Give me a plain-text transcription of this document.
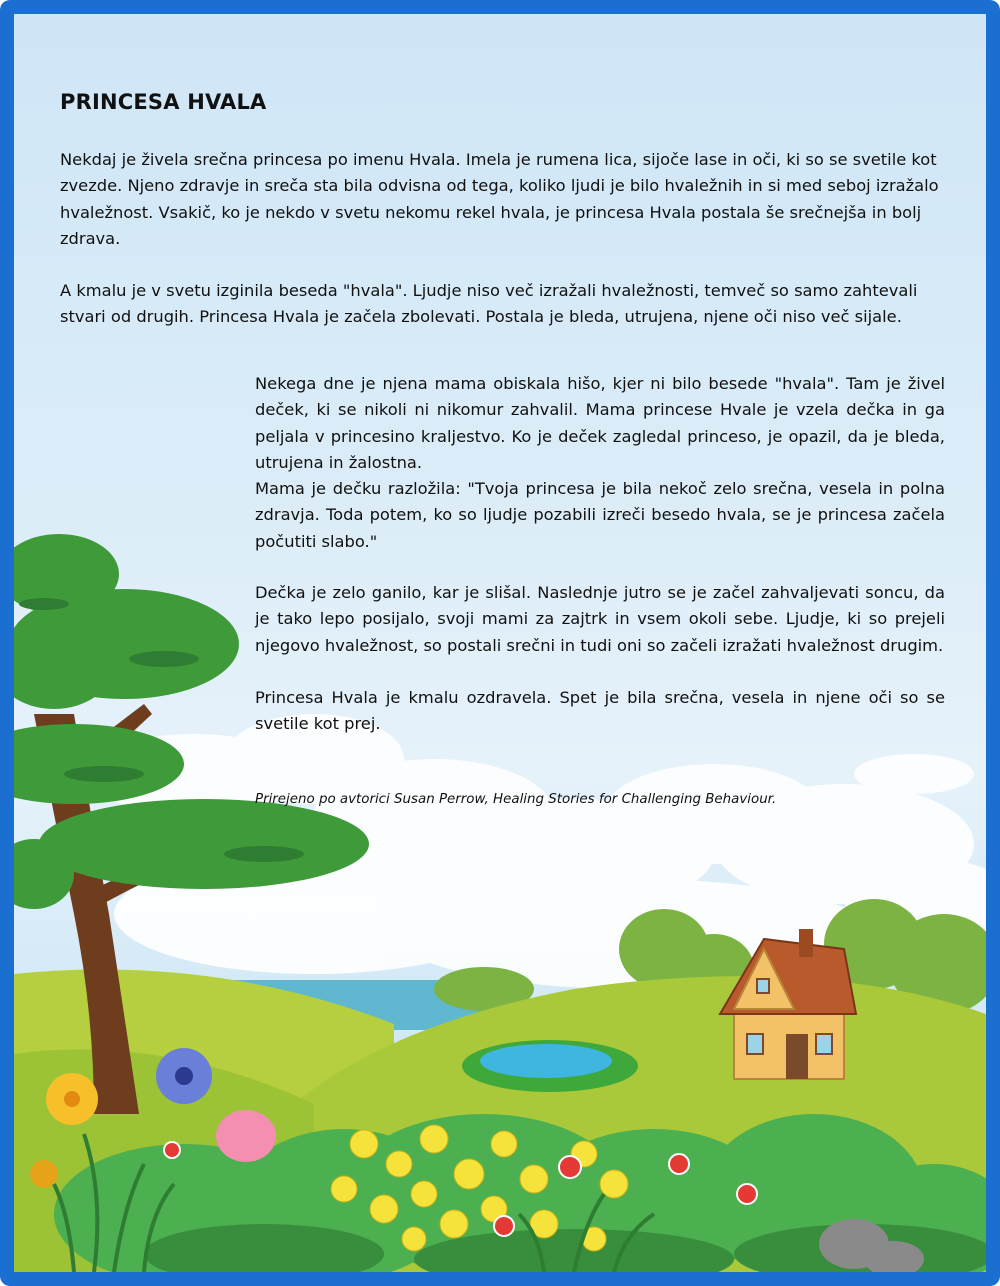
PRINCESA HVALA

Nekdaj je živela srečna princesa po imenu Hvala. Imela je rumena lica, sijoče lase in oči, ki so se svetile kot zvezde. Njeno zdravje in sreča sta bila odvisna od tega, koliko ljudi je bilo hvaležnih in si med seboj izražalo hvaležnost. Vsakič, ko je nekdo v svetu nekomu rekel hvala, je princesa Hvala postala še srečnejša in bolj zdrava.

A kmalu je v svetu izginila beseda "hvala". Ljudje niso več izražali hvaležnosti, temveč so samo zahtevali stvari od drugih. Princesa Hvala je začela zbolevati. Postala je bleda, utrujena, njene oči niso več sijale.

Nekega dne je njena mama obiskala hišo, kjer ni bilo besede "hvala". Tam je živel deček, ki se nikoli ni nikomur zahvalil. Mama princese Hvale je vzela dečka in ga peljala v princesino kraljestvo. Ko je deček zagledal princeso, je opazil, da je bleda, utrujena in žalostna.

Mama je dečku razložila: "Tvoja princesa je bila nekoč zelo srečna, vesela in polna zdravja. Toda potem, ko so ljudje pozabili izreči besedo hvala, se je princesa začela počutiti slabo."

Dečka je zelo ganilo, kar je slišal. Naslednje jutro se je začel zahvaljevati soncu, da je tako lepo posijalo, svoji mami za zajtrk in vsem okoli sebe. Ljudje, ki so prejeli njegovo hvaležnost, so postali srečni in tudi oni so začeli izražati hvaležnost drugim.

Princesa Hvala je kmalu ozdravela. Spet je bila srečna, vesela in njene oči so se svetile kot prej.

Prirejeno po avtorici Susan Perrow, Healing Stories for Challenging Behaviour.
